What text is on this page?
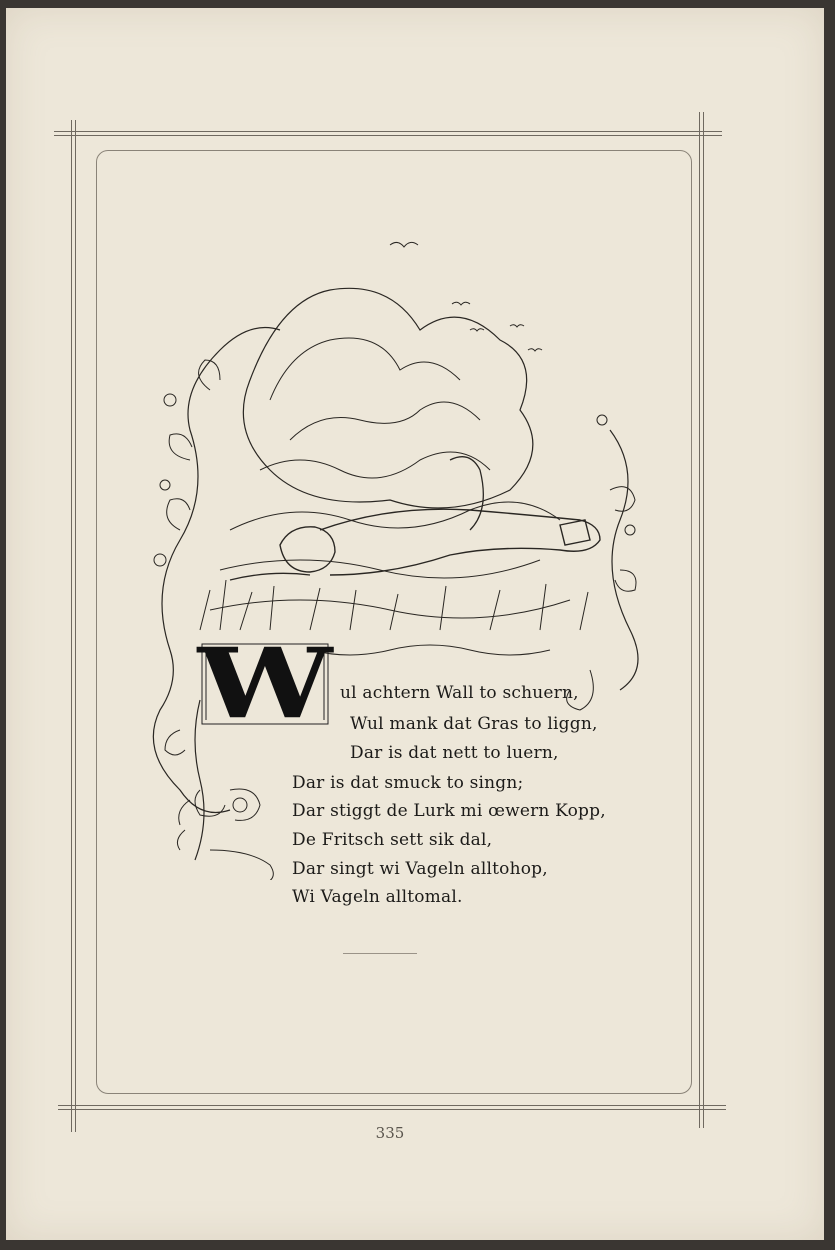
W ul achtern Wall to schuern,
Wul mank dat Gras to liggn,
Dar is dat nett to luern,
Dar is dat smuck to singn;
Dar stiggt de Lurk mi œwern Kopp,
De Fritsch sett sik dal,
Dar singt wi Vageln alltohop,
Wi Vageln alltomal.
335
